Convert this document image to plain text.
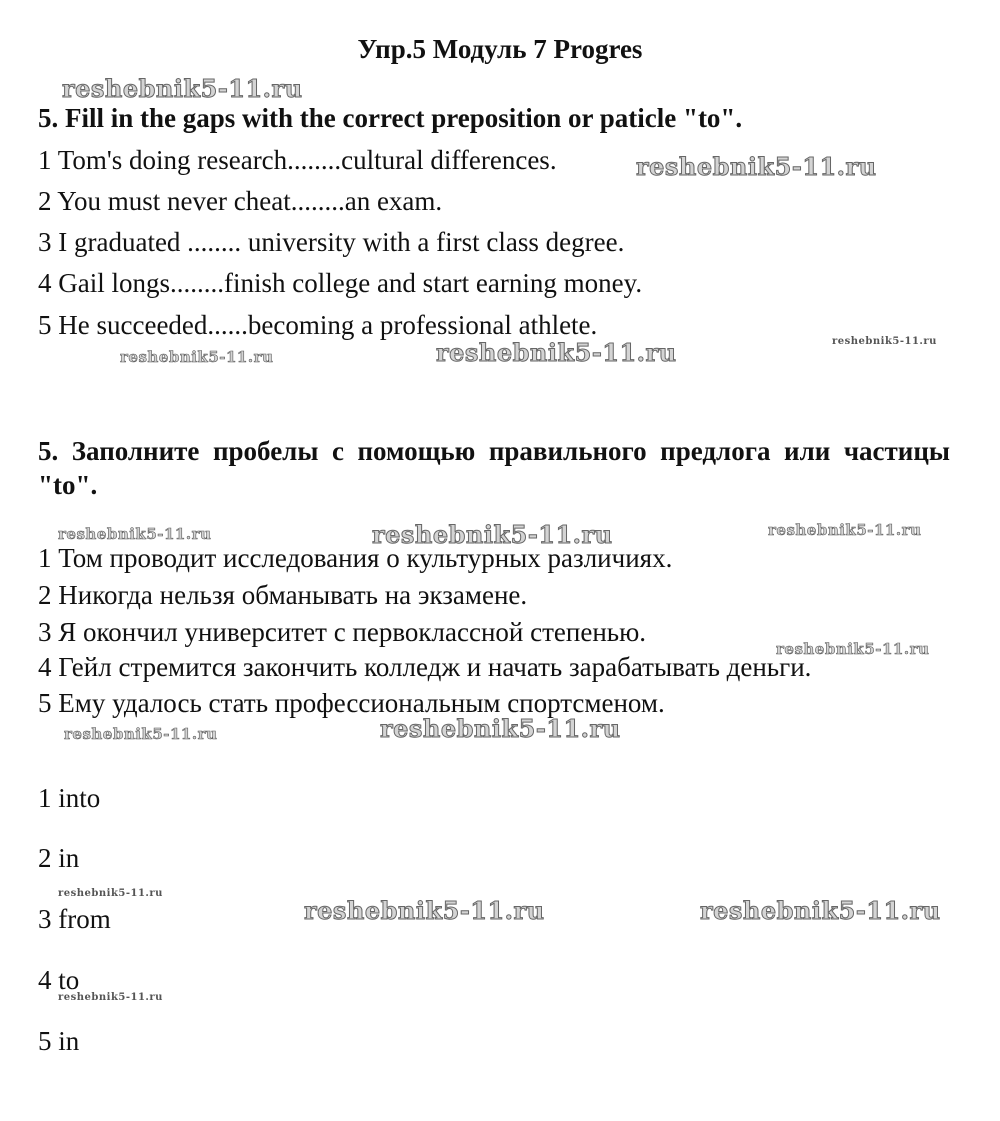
Упр.5 Модуль 7 Progres
5. Fill in the gaps with the correct preposition or paticle "to".
1 Tom's doing research........cultural differences.
2 You must never cheat........an exam.
3 I graduated ........ university with a first class degree.
4 Gail longs........finish college and start earning money.
5 He succeeded......becoming a professional athlete.
5. Заполните пробелы с помощью правильного предлога или частицы "to".
1 Том проводит исследования о культурных различиях.
2 Никогда нельзя обманывать на экзамене.
3 Я окончил университет с первоклассной степенью.
4 Гейл стремится закончить колледж и начать зарабатывать деньги.
5 Ему удалось стать профессиональным спортсменом.
1 into
2 in
3 from
4 to
5 in
reshebnik5-11.ru
reshebnik5-11.ru
reshebnik5-11.ru	reshebnik5-11.ru	reshebnik5-11.ru
reshebnik5-11.ru	reshebnik5-11.ru	reshebnik5-11.ru
reshebnik5-11.ru
reshebnik5-11.ru	reshebnik5-11.ru
reshebnik5-11.ru
reshebnik5-11.ru	reshebnik5-11.ru
reshebnik5-11.ru
